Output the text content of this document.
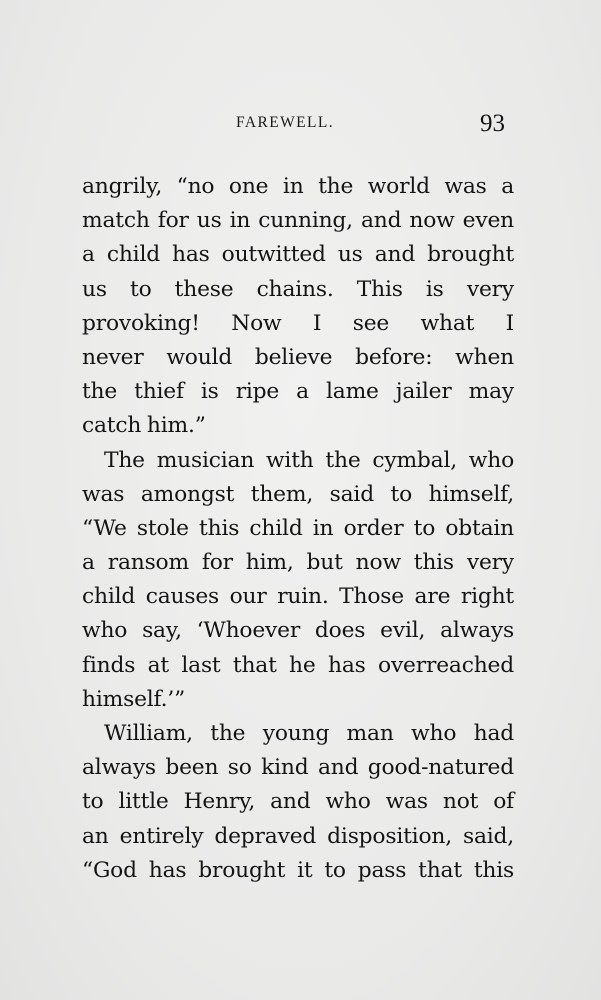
FAREWELL.	93
angrily, “no one in the world was a
match for us in cunning, and now even
a child has outwitted us and brought
us to these chains. This is very
provoking! Now I see what I
never would believe before: when
the thief is ripe a lame jailer may
catch him.”
The musician with the cymbal, who
was amongst them, said to himself,
“We stole this child in order to obtain
a ransom for him, but now this very
child causes our ruin. Those are right
who say, ‘Whoever does evil, always
finds at last that he has overreached
himself.’”
William, the young man who had
always been so kind and good-natured
to little Henry, and who was not of
an entirely depraved disposition, said,
“God has brought it to pass that this
